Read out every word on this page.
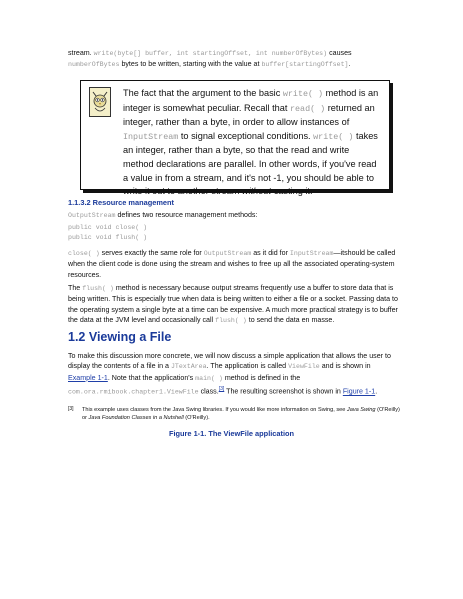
stream. write(byte[] buffer, int startingOffset, int numberOfBytes) causes numberOfBytes bytes to be written, starting with the value at buffer[startingOffset].

The fact that the argument to the basic write( ) method is an integer is somewhat peculiar. Recall that read( ) returned an integer, rather than a byte, in order to allow instances of InputStream to signal exceptional conditions. write( ) takes an integer, rather than a byte, so that the read and write method declarations are parallel. In other words, if you've read a value in from a stream, and it's not -1, you should be able to write it out to another stream without casting it.

1.1.3.2 Resource management

OutputStream defines two resource management methods:

public void close( )
public void flush( )

close( ) serves exactly the same role for OutputStream as it did for InputStream—itshould be called when the client code is done using the stream and wishes to free up all the associated operating-system resources.

The flush( ) method is necessary because output streams frequently use a buffer to store data that is being written. This is especially true when data is being written to either a file or a socket. Passing data to the operating system a single byte at a time can be expensive. A much more practical strategy is to buffer the data at the JVM level and occasionally call flush( ) to send the data en masse.

1.2 Viewing a File

To make this discussion more concrete, we will now discuss a simple application that allows the user to display the contents of a file in a JTextArea. The application is called ViewFile and is shown in Example 1-1. Note that the application's main( ) method is defined in the com.ora.rmibook.chapter1.ViewFile class.[3] The resulting screenshot is shown in Figure 1-1.

[3] This example uses classes from the Java Swing libraries. If you would like more information on Swing, see Java Swing (O'Reilly) or Java Foundation Classes in a Nutshell (O'Reilly).

Figure 1-1. The ViewFile application
